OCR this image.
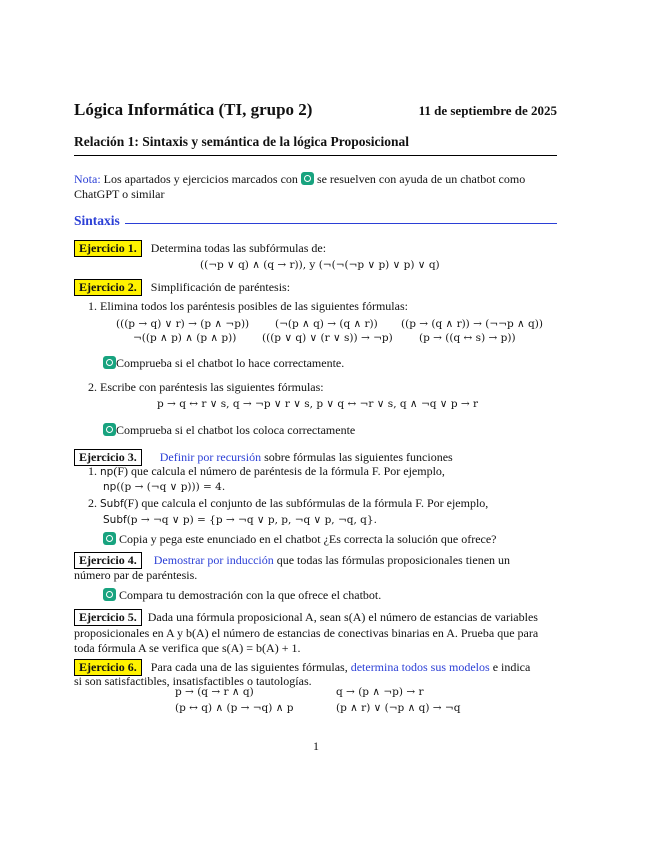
Lógica Informática (TI, grupo 2)	11 de septiembre de 2025
Relación 1: Sintaxis y semántica de la lógica Proposicional
Nota: Los apartados y ejercicios marcados con  se resuelven con ayuda de un chatbot como
ChatGPT o similar
Sintaxis
Ejercicio 1. Determina todas las subfórmulas de:
((¬p ∨ q) ∧ (q → r)), y (¬(¬(¬p ∨ p) ∨ p) ∨ q)
Ejercicio 2. Simplificación de paréntesis:
1. Elimina todos los paréntesis posibles de las siguientes fórmulas:
(((p → q) ∨ r) → (p ∧ ¬p)) (¬(p ∧ q) → (q ∧ r)) ((p → (q ∧ r)) → (¬¬p ∧ q))
¬((p ∧ p) ∧ (p ∧ p)) (((p ∨ q) ∨ (r ∨ s)) → ¬p)	(p → ((q ↔ s) → p))
Comprueba si el chatbot lo hace correctamente.
2. Escribe con paréntesis las siguientes fórmulas:
p → q ↔ r ∨ s, q → ¬p ∨ r ∨ s, p ∨ q ↔ ¬r ∨ s, q ∧ ¬q ∨ p → r
Comprueba si el chatbot los coloca correctamente
Ejercicio 3. Definir por recursión sobre fórmulas las siguientes funciones
1. np(F) que calcula el número de paréntesis de la fórmula F. Por ejemplo,
np((p → (¬q ∨ p))) = 4.
2. Subf(F) que calcula el conjunto de las subfórmulas de la fórmula F. Por ejemplo,
Subf(p → ¬q ∨ p) = {p → ¬q ∨ p, p, ¬q ∨ p, ¬q, q}.
Copia y pega este enunciado en el chatbot ¿Es correcta la solución que ofrece?
Ejercicio 4. Demostrar por inducción que todas las fórmulas proposicionales tienen un
número par de paréntesis.
Compara tu demostración con la que ofrece el chatbot.
Ejercicio 5. Dada una fórmula proposicional A, sean s(A) el número de estancias de variables
proposicionales en A y b(A) el número de estancias de conectivas binarias en A. Prueba que para
toda fórmula A se verifica que s(A) = b(A) + 1.
Ejercicio 6. Para cada una de las siguientes fórmulas, determina todos sus modelos e indica
si son satisfactibles, insatisfactibles o tautologías.
p → (q → r ∧ q)	q → (p ∧ ¬p) → r
(p ↔ q) ∧ (p → ¬q) ∧ p	(p ∧ r) ∨ (¬p ∧ q) → ¬q
1
